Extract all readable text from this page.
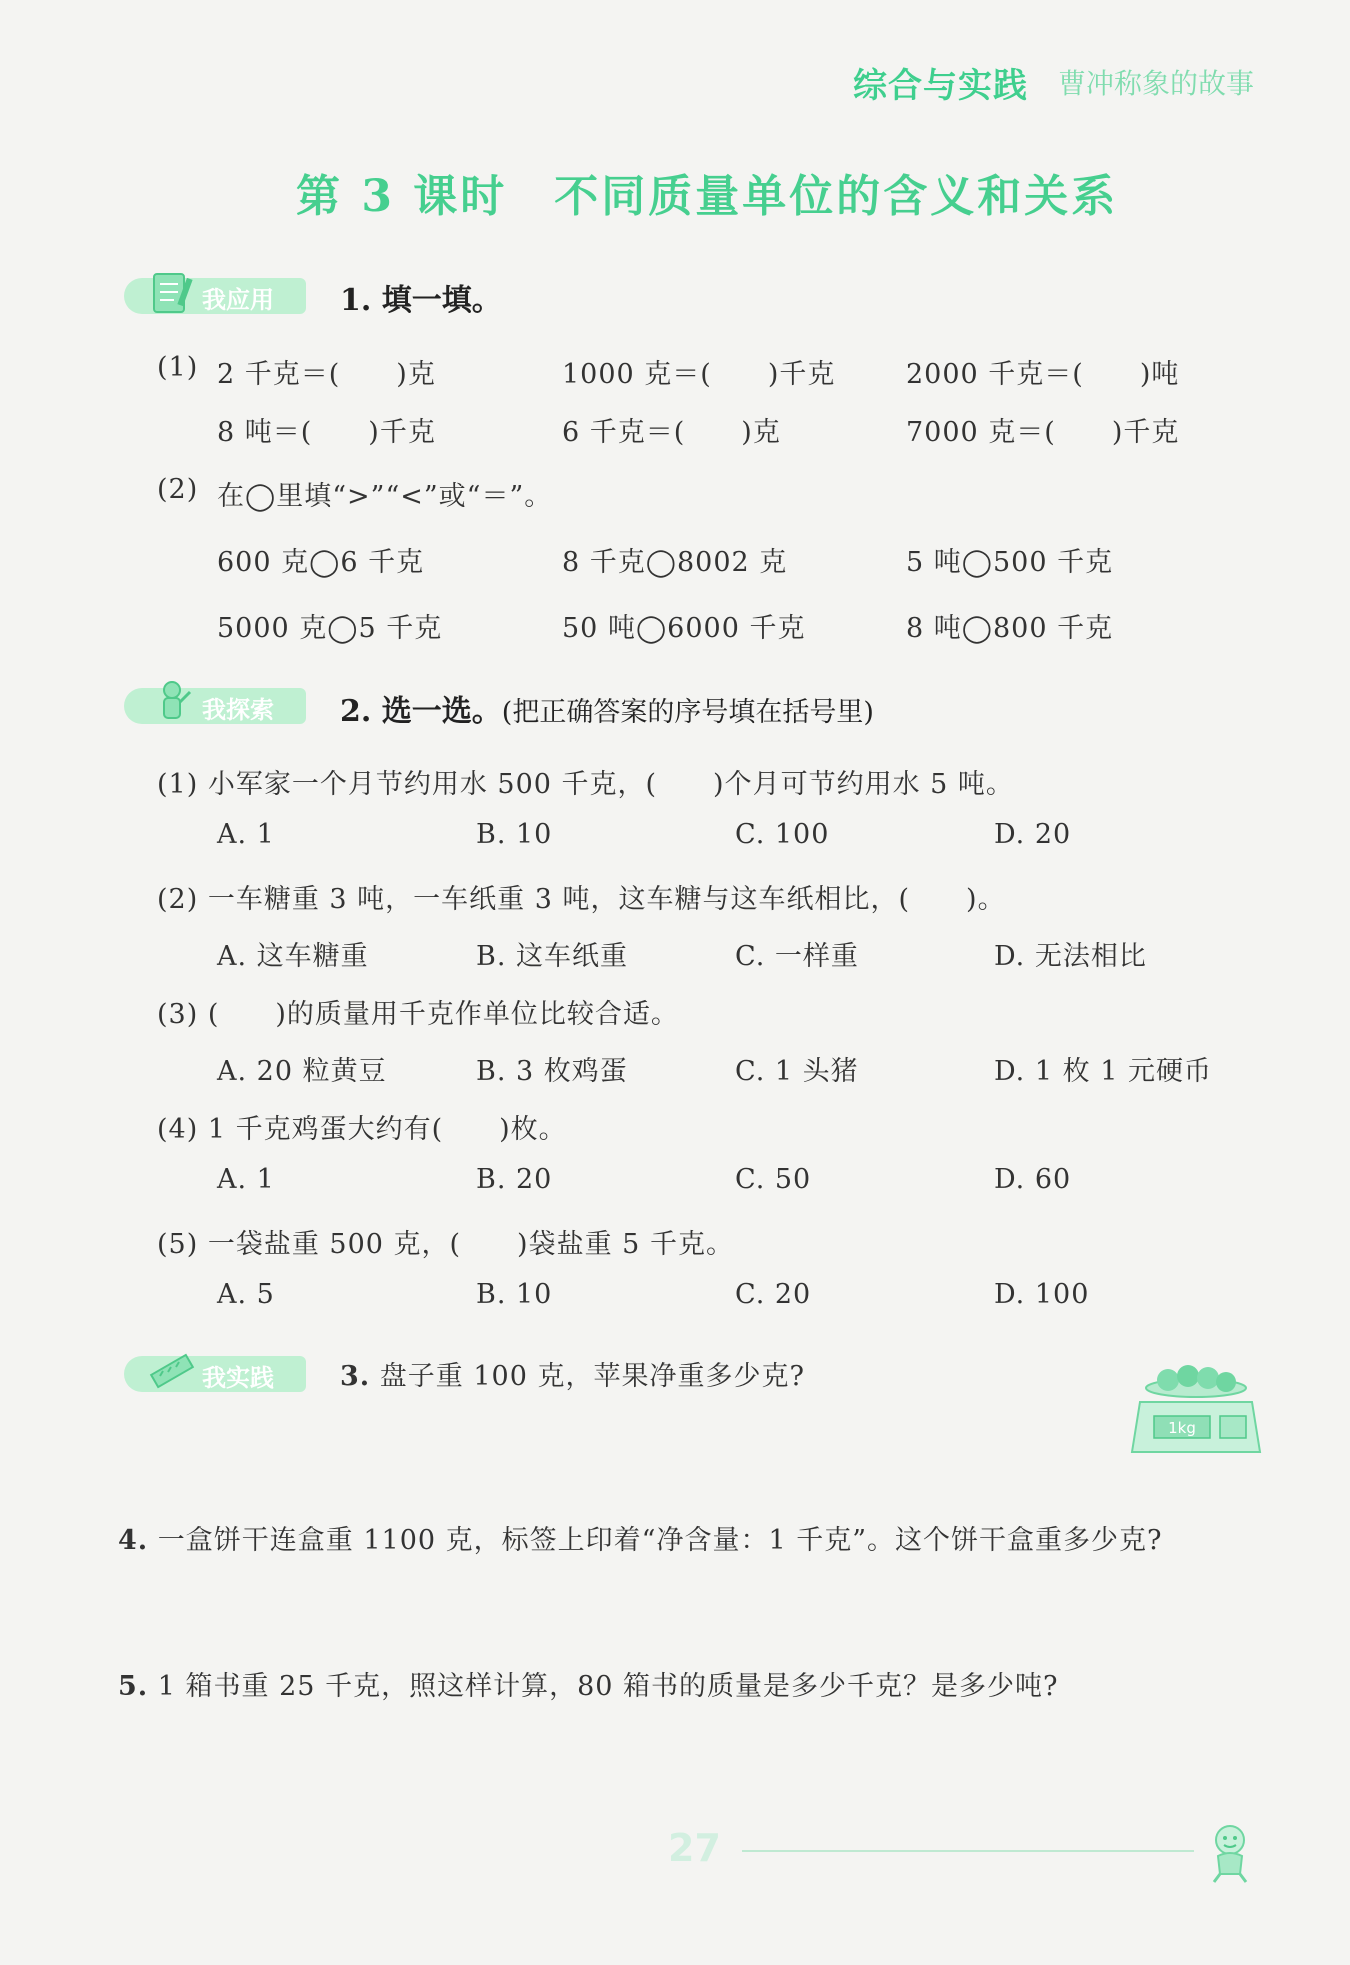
综合与实践 曹冲称象的故事
第 3 课时　不同质量单位的含义和关系
我应用 1. 填一填。
(1) 2 千克＝(　　)克	1000 克＝(　　)千克	2000 千克＝(　　)吨
8 吨＝(　　)千克	6 千克＝(　　)克	7000 克＝(　　)千克
(2) 在◯里填“>”“<”或“＝”。
600 克◯6 千克	8 千克◯8002 克	5 吨◯500 千克
5000 克◯5 千克	50 吨◯6000 千克	8 吨◯800 千克
我探索 2. 选一选。(把正确答案的序号填在括号里)
(1) 小军家一个月节约用水 500 千克，(　　)个月可节约用水 5 吨。
A. 1	B. 10	C. 100	D. 20
(2) 一车糖重 3 吨，一车纸重 3 吨，这车糖与这车纸相比，(　　)。
A. 这车糖重	B. 这车纸重	C. 一样重	D. 无法相比
(3) (　　)的质量用千克作单位比较合适。
A. 20 粒黄豆	B. 3 枚鸡蛋	C. 1 头猪	D. 1 枚 1 元硬币
(4) 1 千克鸡蛋大约有(　　)枚。
A. 1	B. 20	C. 50	D. 60
(5) 一袋盐重 500 克，(　　)袋盐重 5 千克。
A. 5	B. 10	C. 20	D. 100
我实践 3. 盘子重 100 克，苹果净重多少克?
1kg
4. 一盒饼干连盒重 1100 克，标签上印着“净含量：1 千克”。这个饼干盒重多少克?
5. 1 箱书重 25 千克，照这样计算，80 箱书的质量是多少千克？是多少吨?
27
